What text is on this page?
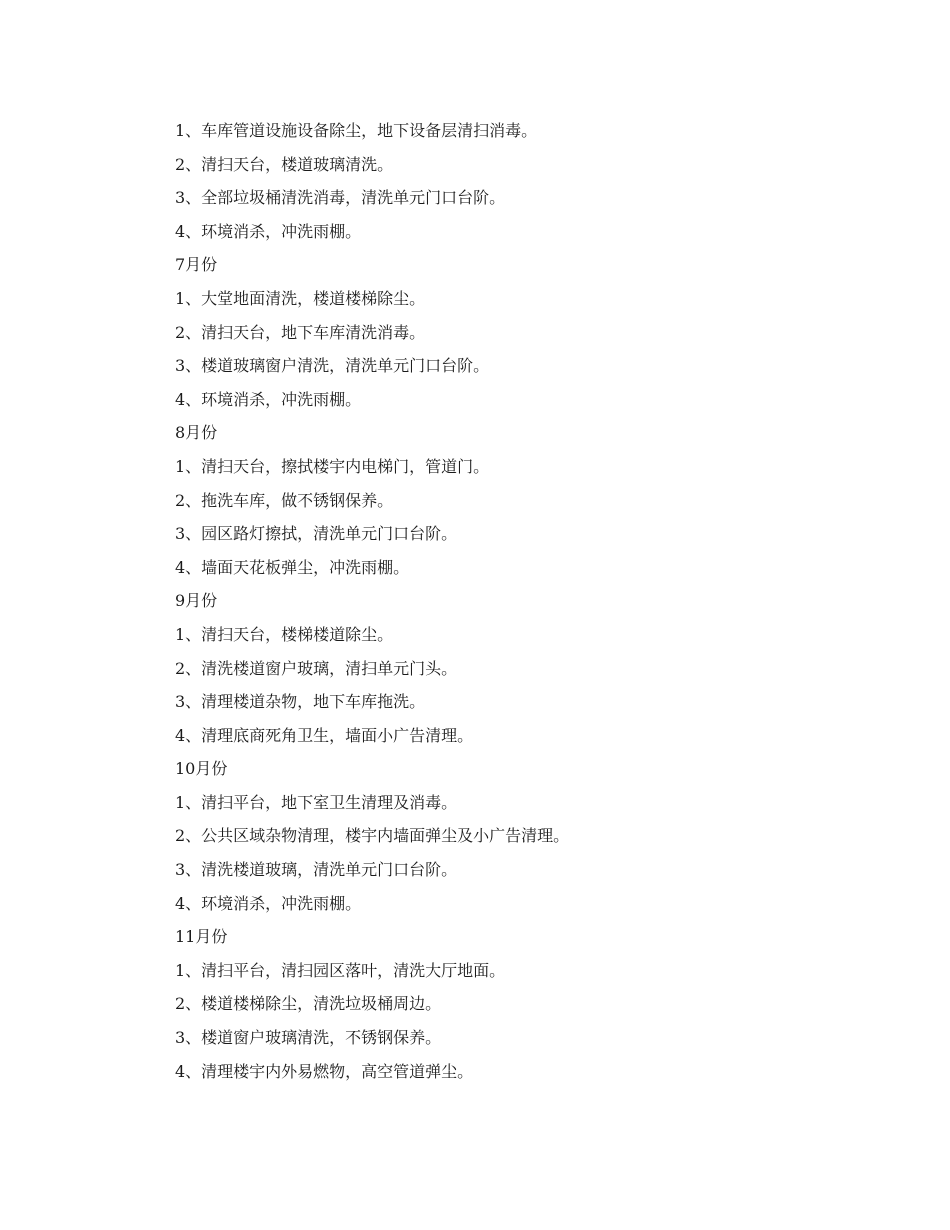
1、车库管道设施设备除尘，地下设备层清扫消毒。
2、清扫天台，楼道玻璃清洗。
3、全部垃圾桶清洗消毒，清洗单元门口台阶。
4、环境消杀，冲洗雨棚。
7月份
1、大堂地面清洗，楼道楼梯除尘。
2、清扫天台，地下车库清洗消毒。
3、楼道玻璃窗户清洗，清洗单元门口台阶。
4、环境消杀，冲洗雨棚。
8月份
1、清扫天台，擦拭楼宇内电梯门，管道门。
2、拖洗车库，做不锈钢保养。
3、园区路灯擦拭，清洗单元门口台阶。
4、墙面天花板弹尘，冲洗雨棚。
9月份
1、清扫天台，楼梯楼道除尘。
2、清洗楼道窗户玻璃，清扫单元门头。
3、清理楼道杂物，地下车库拖洗。
4、清理底商死角卫生，墙面小广告清理。
10月份
1、清扫平台，地下室卫生清理及消毒。
2、公共区域杂物清理，楼宇内墙面弹尘及小广告清理。
3、清洗楼道玻璃，清洗单元门口台阶。
4、环境消杀，冲洗雨棚。
11月份
1、清扫平台，清扫园区落叶，清洗大厅地面。
2、楼道楼梯除尘，清洗垃圾桶周边。
3、楼道窗户玻璃清洗，不锈钢保养。
4、清理楼宇内外易燃物，高空管道弹尘。
